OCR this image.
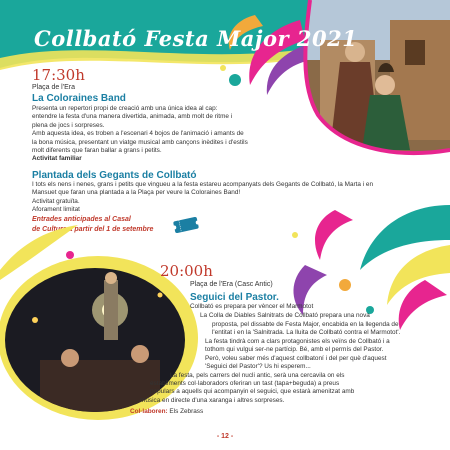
Collbató Festa Major 2021
17:30h
Plaça de l'Era
La Coloraines Band
Presenta un repertori propi de creació amb una única idea al cap:
entendre la festa d'una manera divertida, animada, amb molt de ritme i
plena de jocs i sorpreses.
Amb aquesta idea, es troben a l'escenari 4 bojos de l'animació i amants de
la bona música, presentant un viatge musical amb cançons inèdites i d'estils
molt diferents que faran ballar a grans i petits.
Activitat familiar
Plantada dels Gegants de Collbató
I tots els nens i nenes, grans i petits que vingueu a la festa estareu acompanyats dels Gegants de Collbató, la Marta i en
Mansuet que faran una plantada a la Plaça per veure la Coloraines Band!
Activitat gratuïta.
Aforament limitat
Entrades anticipades al Casal
de Cultura a partir del 1 de setembre
20:00h
Plaça de l'Era (Casc Antic)
Seguici del Pastor.
Collbató es prepara per vèncer el Marmotot
La Colla de Diables Salnitrats de Collbató prepara una nova
proposta, pel dissabte de Festa Major, encabida en la llegenda de
l'entitat i en la 'Salnitrada. La lluita de Collbató contra el Marmotot'.
La festa tindrà com a clars protagonistes els veïns de Collbató i a
tothom qui vulgui ser-ne partícip. Bé, amb el permís del Pastor.
Però, voleu saber més d'aquest collbatoní i del per què d'aquest
'Seguici del Pastor'? Us hi esperem...
La festa, pels carrers del nucli antic, serà una cercavila on els
establiments col·laboradors oferiran un tast (tapa+beguda) a preus
populars a aquells qui acompanyin el seguici, que estarà amenitzat amb
música en directe d'una xaranga i altres sorpreses.
Col·laboren: Els Zebrass
- 12 -
